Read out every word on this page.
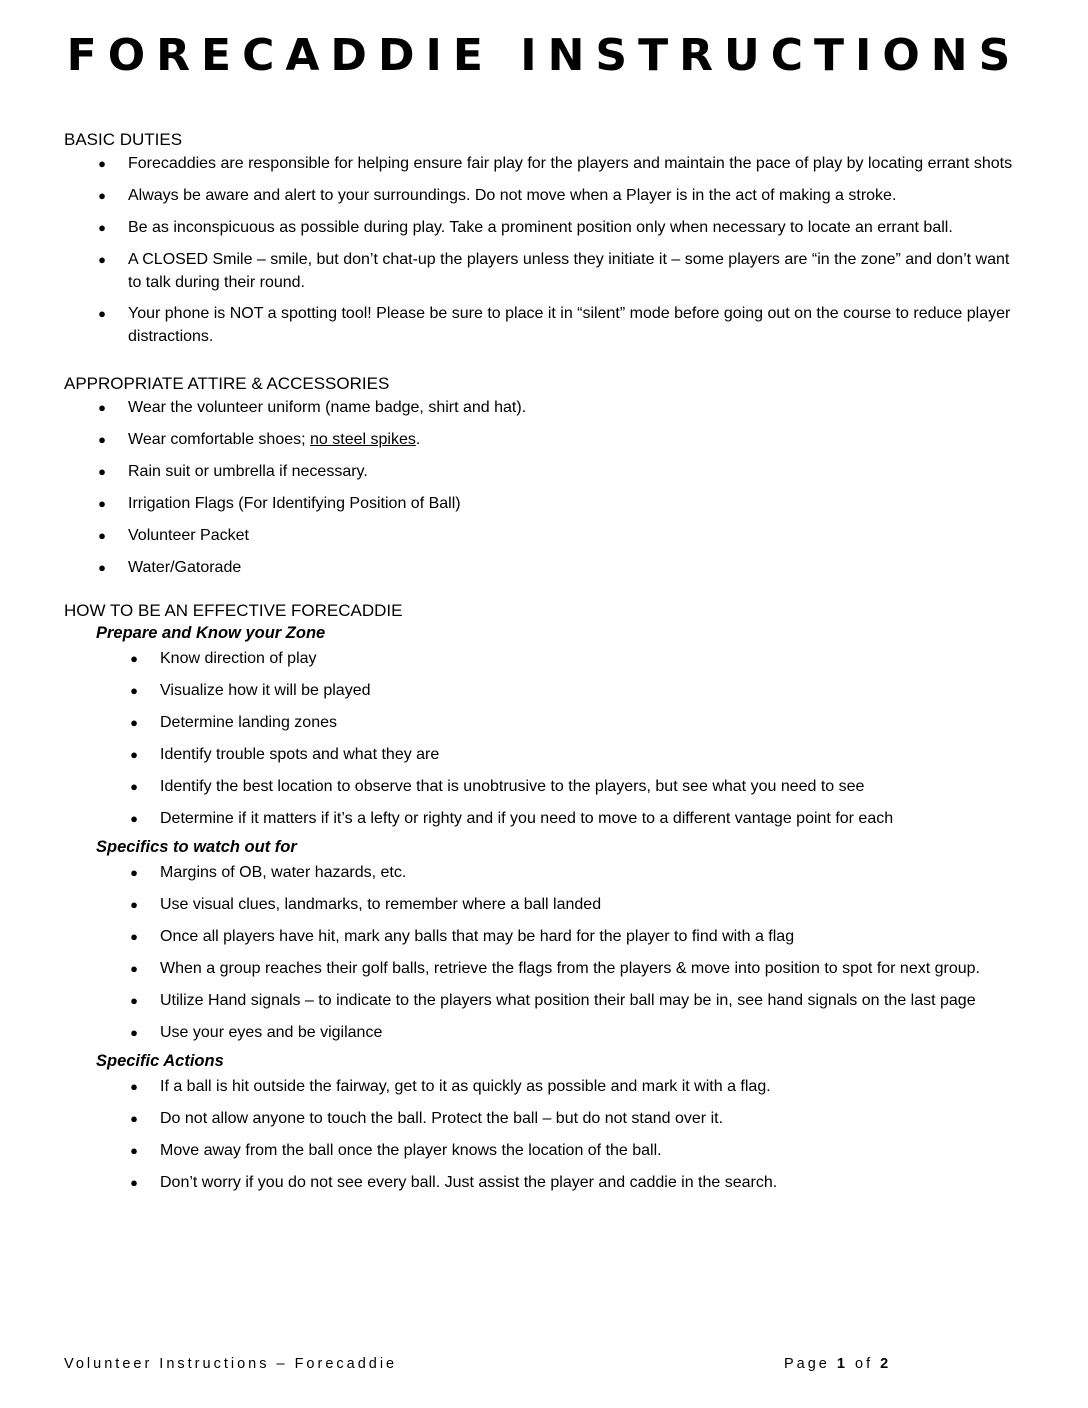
FORECADDIE INSTRUCTIONS
BASIC DUTIES
● Forecaddies are responsible for helping ensure fair play for the players and maintain the pace of play by locating errant shots
● Always be aware and alert to your surroundings. Do not move when a Player is in the act of making a stroke.
● Be as inconspicuous as possible during play. Take a prominent position only when necessary to locate an errant ball.
● A CLOSED Smile – smile, but don’t chat-up the players unless they initiate it – some players are “in the zone” and don’t want to talk during their round.
● Your phone is NOT a spotting tool! Please be sure to place it in “silent” mode before going out on the course to reduce player distractions.
APPROPRIATE ATTIRE & ACCESSORIES
● Wear the volunteer uniform (name badge, shirt and hat).
● Wear comfortable shoes; no steel spikes.
● Rain suit or umbrella if necessary.
● Irrigation Flags (For Identifying Position of Ball)
● Volunteer Packet
● Water/Gatorade
HOW TO BE AN EFFECTIVE FORECADDIE
Prepare and Know your Zone
● Know direction of play
● Visualize how it will be played
● Determine landing zones
● Identify trouble spots and what they are
● Identify the best location to observe that is unobtrusive to the players, but see what you need to see
● Determine if it matters if it’s a lefty or righty and if you need to move to a different vantage point for each
Specifics to watch out for
● Margins of OB, water hazards, etc.
● Use visual clues, landmarks, to remember where a ball landed
● Once all players have hit, mark any balls that may be hard for the player to find with a flag
● When a group reaches their golf balls, retrieve the flags from the players & move into position to spot for next group.
● Utilize Hand signals – to indicate to the players what position their ball may be in, see hand signals on the last page
● Use your eyes and be vigilance
Specific Actions
● If a ball is hit outside the fairway, get to it as quickly as possible and mark it with a flag.
● Do not allow anyone to touch the ball. Protect the ball – but do not stand over it.
● Move away from the ball once the player knows the location of the ball.
● Don’t worry if you do not see every ball. Just assist the player and caddie in the search.
Volunteer Instructions – Forecaddie	Page 1 of 2
